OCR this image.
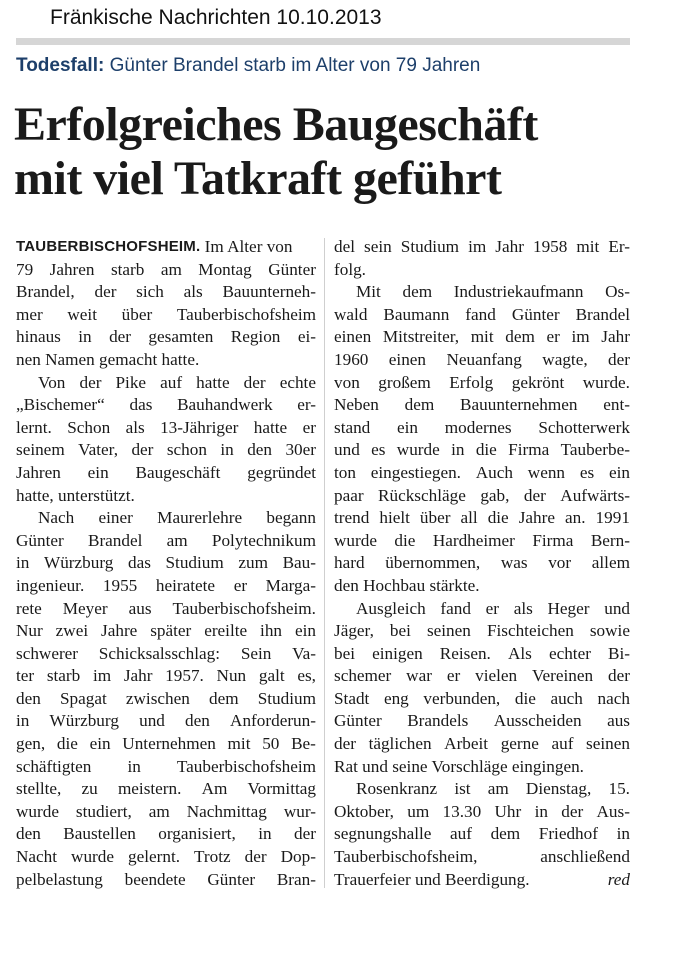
Fränkische Nachrichten 10.10.2013
Todesfall: Günter Brandel starb im Alter von 79 Jahren
Erfolgreiches Baugeschäft
mit viel Tatkraft geführt
TAUBERBISCHOFSHEIM. Im Alter von
79 Jahren starb am Montag Günter
Brandel, der sich als Bauunterneh-
mer weit über Tauberbischofsheim
hinaus in der gesamten Region ei-
nen Namen gemacht hatte.
Von der Pike auf hatte der echte
„Bischemer“ das Bauhandwerk er-
lernt. Schon als 13-Jähriger hatte er
seinem Vater, der schon in den 30er
Jahren ein Baugeschäft gegründet
hatte, unterstützt.
Nach einer Maurerlehre begann
Günter Brandel am Polytechnikum
in Würzburg das Studium zum Bau-
ingenieur. 1955 heiratete er Marga-
rete Meyer aus Tauberbischofsheim.
Nur zwei Jahre später ereilte ihn ein
schwerer Schicksalsschlag: Sein Va-
ter starb im Jahr 1957. Nun galt es,
den Spagat zwischen dem Studium
in Würzburg und den Anforderun-
gen, die ein Unternehmen mit 50 Be-
schäftigten in Tauberbischofsheim
stellte, zu meistern. Am Vormittag
wurde studiert, am Nachmittag wur-
den Baustellen organisiert, in der
Nacht wurde gelernt. Trotz der Dop-
pelbelastung beendete Günter Bran-
del sein Studium im Jahr 1958 mit Er-
folg.
Mit dem Industriekaufmann Os-
wald Baumann fand Günter Brandel
einen Mitstreiter, mit dem er im Jahr
1960 einen Neuanfang wagte, der
von großem Erfolg gekrönt wurde.
Neben dem Bauunternehmen ent-
stand ein modernes Schotterwerk
und es wurde in die Firma Tauberbe-
ton eingestiegen. Auch wenn es ein
paar Rückschläge gab, der Aufwärts-
trend hielt über all die Jahre an. 1991
wurde die Hardheimer Firma Bern-
hard übernommen, was vor allem
den Hochbau stärkte.
Ausgleich fand er als Heger und
Jäger, bei seinen Fischteichen sowie
bei einigen Reisen. Als echter Bi-
schemer war er vielen Vereinen der
Stadt eng verbunden, die auch nach
Günter Brandels Ausscheiden aus
der täglichen Arbeit gerne auf seinen
Rat und seine Vorschläge eingingen.
Rosenkranz ist am Dienstag, 15.
Oktober, um 13.30 Uhr in der Aus-
segnungshalle auf dem Friedhof in
Tauberbischofsheim,	anschließend
Trauerfeier und Beerdigung.	red
